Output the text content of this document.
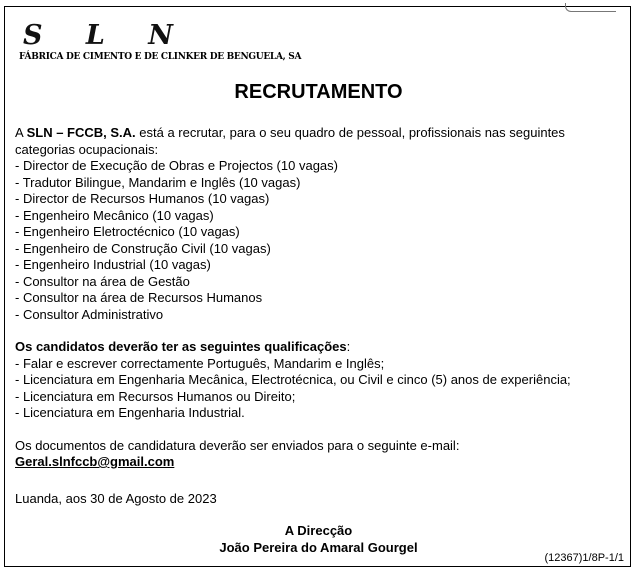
S L N
FÁBRICA DE CIMENTO E DE CLINKER DE BENGUELA, SA
RECRUTAMENTO

A SLN – FCCB, S.A. está a recrutar, para o seu quadro de pessoal, profissionais nas seguintes categorias ocupacionais:

- Director de Execução de Obras e Projectos (10 vagas)
- Tradutor Bilingue, Mandarim e Inglês (10 vagas)
- Director de Recursos Humanos (10 vagas)
- Engenheiro Mecânico (10 vagas)
- Engenheiro Eletroctécnico (10 vagas)
- Engenheiro de Construção Civil (10 vagas)
- Engenheiro Industrial (10 vagas)
- Consultor na área de Gestão
- Consultor na área de Recursos Humanos
- Consultor Administrativo

Os candidatos deverão ter as seguintes qualificações:

- Falar e escrever correctamente Português, Mandarim e Inglês;
- Licenciatura em Engenharia Mecânica, Electrotécnica, ou Civil e cinco (5) anos de experiência;
- Licenciatura em Recursos Humanos ou Direito;
- Licenciatura em Engenharia Industrial.

Os documentos de candidatura deverão ser enviados para o seguinte e-mail:

Geral.slnfccb@gmail.com

Luanda, aos 30 de Agosto de 2023
A Direcção
João Pereira do Amaral Gourgel
(12367)1/8P-1/1
